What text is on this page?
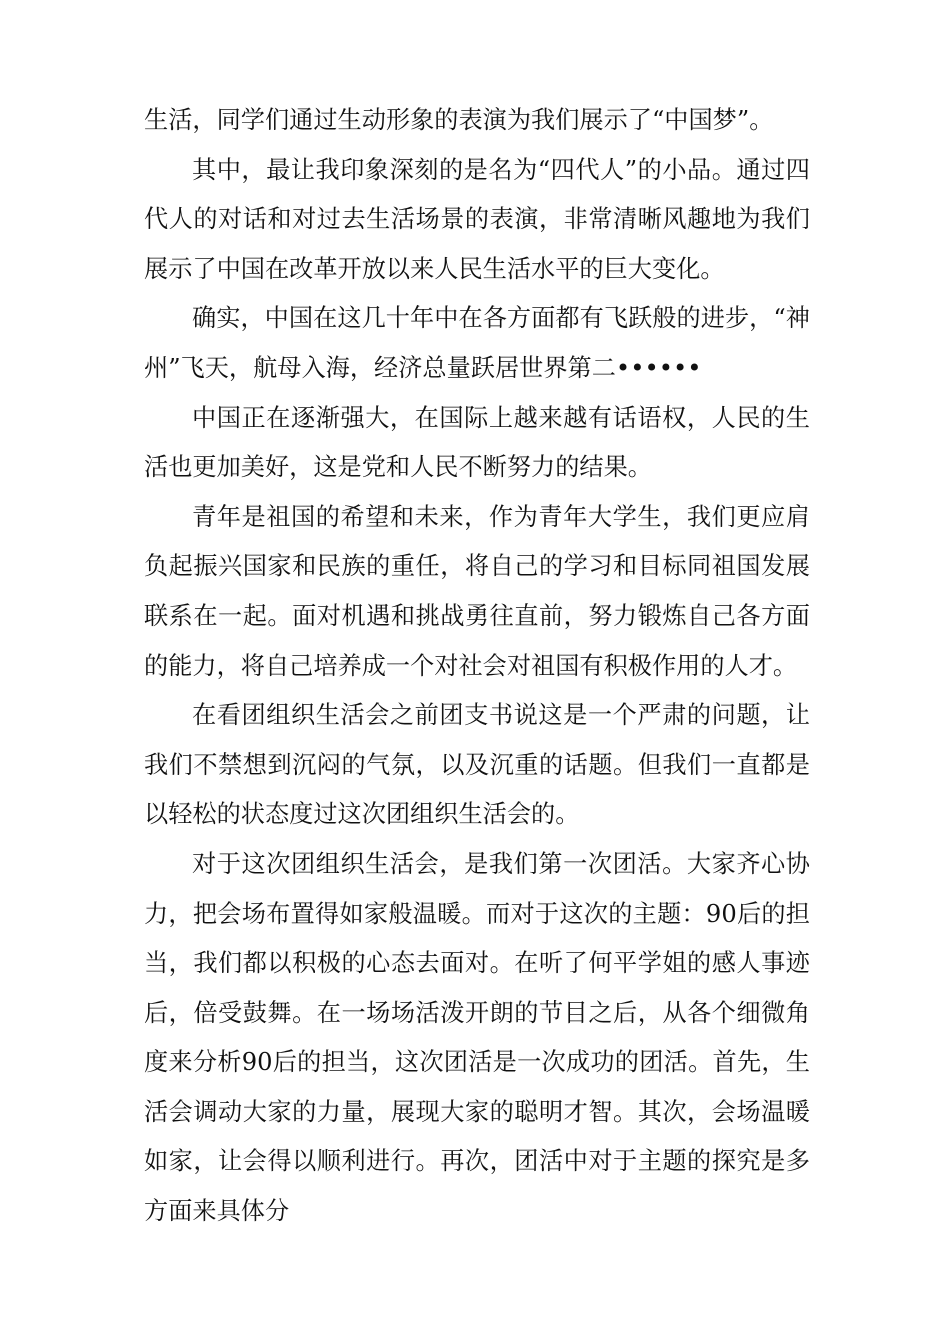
生活，同学们通过生动形象的表演为我们展示了“中国梦”。

其中，最让我印象深刻的是名为“四代人”的小品。通过四代人的对话和对过去生活场景的表演，非常清晰风趣地为我们展示了中国在改革开放以来人民生活水平的巨大变化。

确实，中国在这几十年中在各方面都有飞跃般的进步，“神州”飞天，航母入海，经济总量跃居世界第二••••••

中国正在逐渐强大，在国际上越来越有话语权，人民的生活也更加美好，这是党和人民不断努力的结果。

青年是祖国的希望和未来，作为青年大学生，我们更应肩负起振兴国家和民族的重任，将自己的学习和目标同祖国发展联系在一起。面对机遇和挑战勇往直前，努力锻炼自己各方面的能力，将自己培养成一个对社会对祖国有积极作用的人才。

在看团组织生活会之前团支书说这是一个严肃的问题，让我们不禁想到沉闷的气氛，以及沉重的话题。但我们一直都是以轻松的状态度过这次团组织生活会的。

对于这次团组织生活会，是我们第一次团活。大家齐心协力，把会场布置得如家般温暖。而对于这次的主题：90后的担当，我们都以积极的心态去面对。在听了何平学姐的感人事迹后，倍受鼓舞。在一场场活泼开朗的节目之后，从各个细微角度来分析90后的担当，这次团活是一次成功的团活。首先，生活会调动大家的力量，展现大家的聪明才智。其次，会场温暖如家，让会得以顺利进行。再次，团活中对于主题的探究是多方面来具体分
